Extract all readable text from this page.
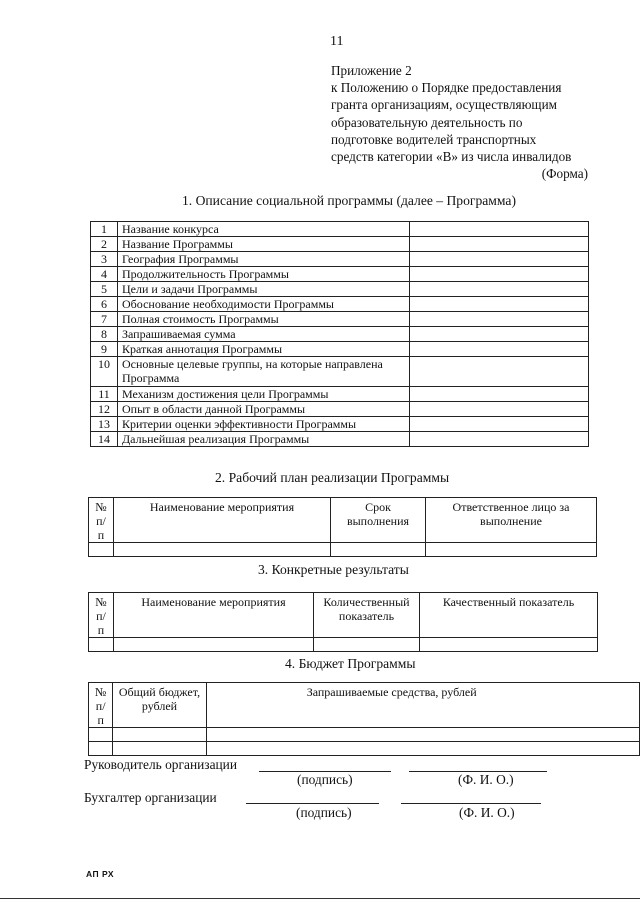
11
Приложение 2
к Положению о Порядке предоставления
гранта организациям, осуществляющим
образовательную деятельность по
подготовке водителей транспортных
средств категории «B» из числа инвалидов
(Форма)
1. Описание социальной программы (далее – Программа)
1	Название конкурса	
2	Название Программы	
3	География Программы	
4	Продолжительность Программы	
5	Цели и задачи Программы	
6	Обоснование необходимости Программы	
7	Полная стоимость Программы	
8	Запрашиваемая сумма	
9	Краткая аннотация Программы	
10	Основные целевые группы, на которые направлена Программа	
11	Механизм достижения цели Программы	
12	Опыт в области данной Программы	
13	Критерии оценки эффективности Программы	
14	Дальнейшая реализация Программы	
2. Рабочий план реализации Программы
№ п/п	Наименование мероприятия	Срок выполнения	Ответственное лицо за выполнение

3. Конкретные результаты
№ п/п	Наименование мероприятия	Количественный показатель	Качественный показатель

4. Бюджет Программы
№ п/п	Общий бюджет, рублей	Запрашиваемые средства, рублей

Руководитель организации
(подпись)	(Ф. И. О.)
Бухгалтер организации
(подпись)	(Ф. И. О.)
АП РХ
